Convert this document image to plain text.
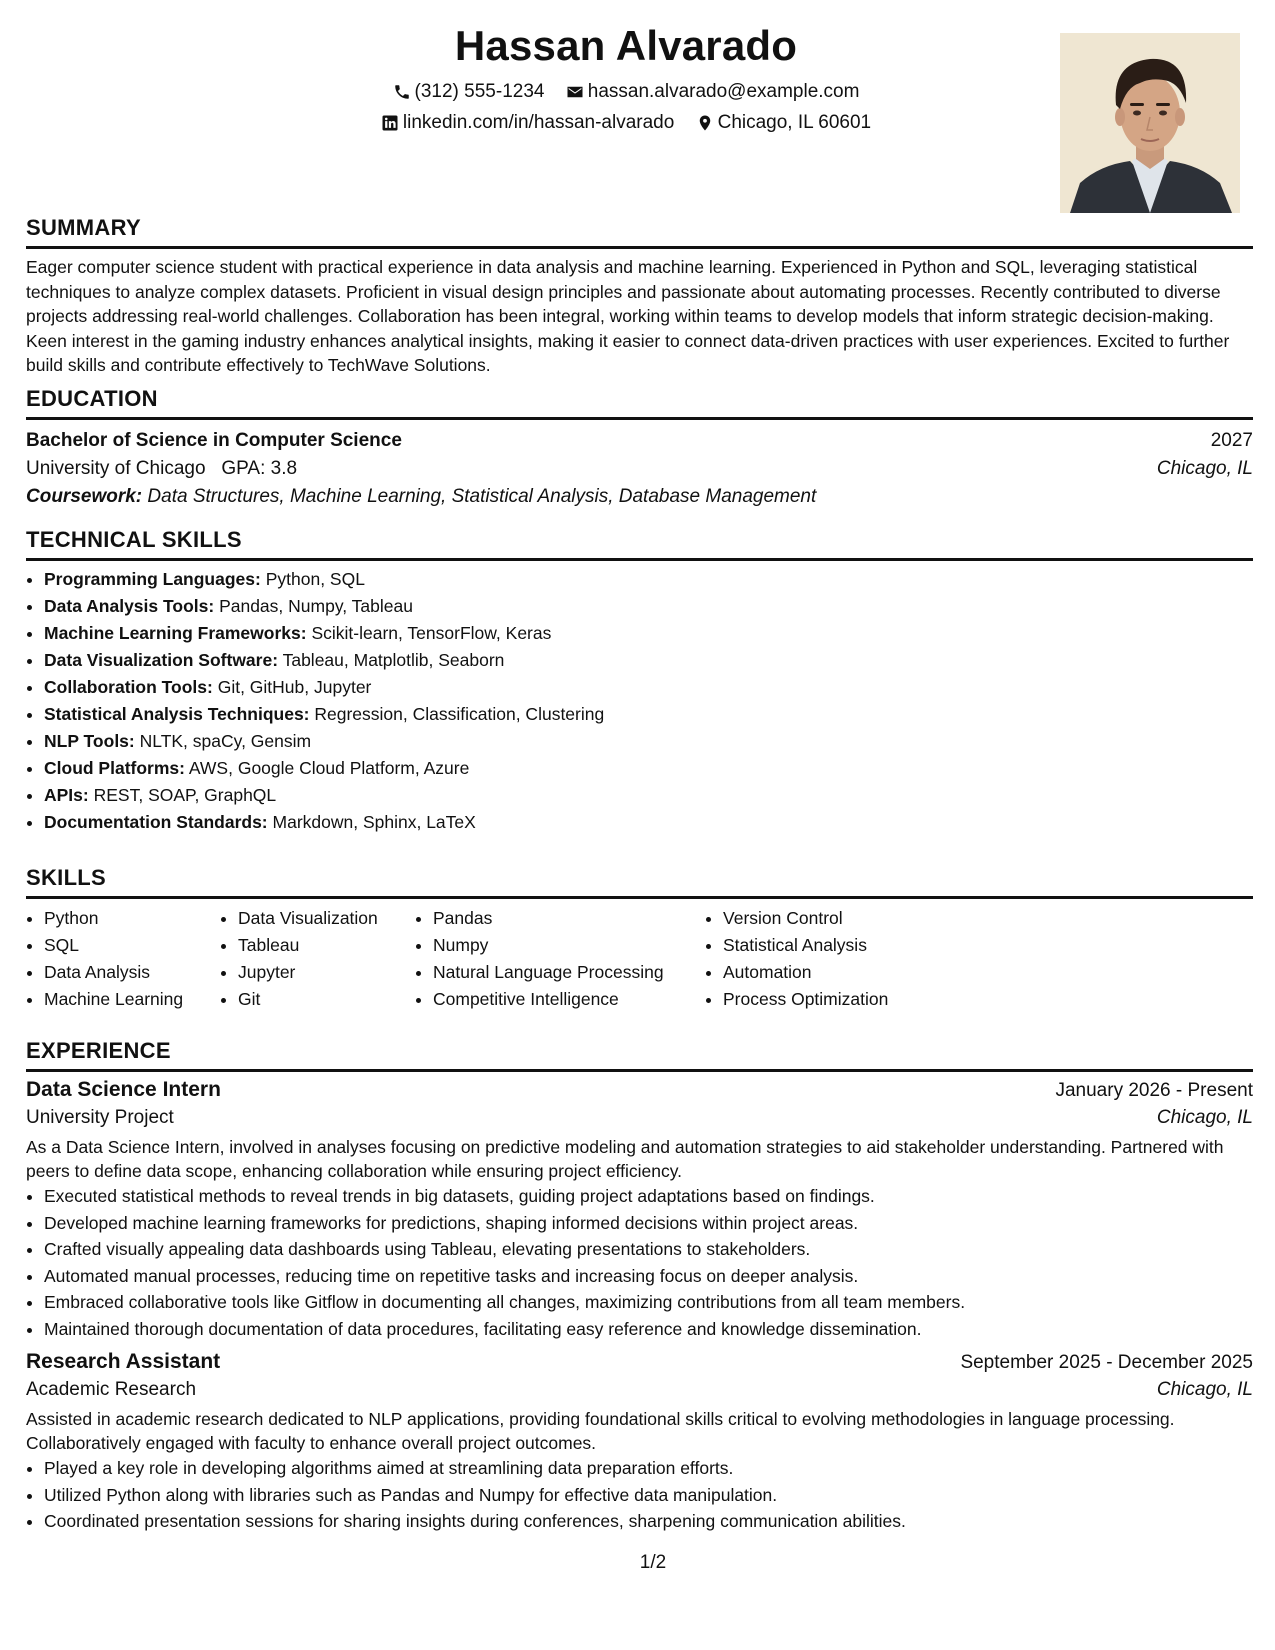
Hassan Alvarado
(312) 555-1234
hassan.alvarado@example.com
linkedin.com/in/hassan-alvarado
Chicago, IL 60601
SUMMARY
Eager computer science student with practical experience in data analysis and machine learning. Experienced in Python and SQL, leveraging statistical techniques to analyze complex datasets. Proficient in visual design principles and passionate about automating processes. Recently contributed to diverse projects addressing real-world challenges. Collaboration has been integral, working within teams to develop models that inform strategic decision-making. Keen interest in the gaming industry enhances analytical insights, making it easier to connect data-driven practices with user experiences. Excited to further build skills and contribute effectively to TechWave Solutions.
EDUCATION
Bachelor of Science in Computer Science	2027
University of Chicago GPA: 3.8	Chicago, IL
Coursework: Data Structures, Machine Learning, Statistical Analysis, Database Management
TECHNICAL SKILLS
• Programming Languages: Python, SQL
• Data Analysis Tools: Pandas, Numpy, Tableau
• Machine Learning Frameworks: Scikit-learn, TensorFlow, Keras
• Data Visualization Software: Tableau, Matplotlib, Seaborn
• Collaboration Tools: Git, GitHub, Jupyter
• Statistical Analysis Techniques: Regression, Classification, Clustering
• NLP Tools: NLTK, spaCy, Gensim
• Cloud Platforms: AWS, Google Cloud Platform, Azure
• APIs: REST, SOAP, GraphQL
• Documentation Standards: Markdown, Sphinx, LaTeX
SKILLS
• Python
• SQL
• Data Analysis
• Machine Learning
• Data Visualization
• Tableau
• Jupyter
• Git
• Pandas
• Numpy
• Natural Language Processing
• Competitive Intelligence
• Version Control
• Statistical Analysis
• Automation
• Process Optimization
EXPERIENCE
Data Science Intern	January 2026 - Present
University Project	Chicago, IL
As a Data Science Intern, involved in analyses focusing on predictive modeling and automation strategies to aid stakeholder understanding. Partnered with peers to define data scope, enhancing collaboration while ensuring project efficiency.
• Executed statistical methods to reveal trends in big datasets, guiding project adaptations based on findings.
• Developed machine learning frameworks for predictions, shaping informed decisions within project areas.
• Crafted visually appealing data dashboards using Tableau, elevating presentations to stakeholders.
• Automated manual processes, reducing time on repetitive tasks and increasing focus on deeper analysis.
• Embraced collaborative tools like Gitflow in documenting all changes, maximizing contributions from all team members.
• Maintained thorough documentation of data procedures, facilitating easy reference and knowledge dissemination.
Research Assistant	September 2025 - December 2025
Academic Research	Chicago, IL
Assisted in academic research dedicated to NLP applications, providing foundational skills critical to evolving methodologies in language processing. Collaboratively engaged with faculty to enhance overall project outcomes.
• Played a key role in developing algorithms aimed at streamlining data preparation efforts.
• Utilized Python along with libraries such as Pandas and Numpy for effective data manipulation.
• Coordinated presentation sessions for sharing insights during conferences, sharpening communication abilities.
1/2
